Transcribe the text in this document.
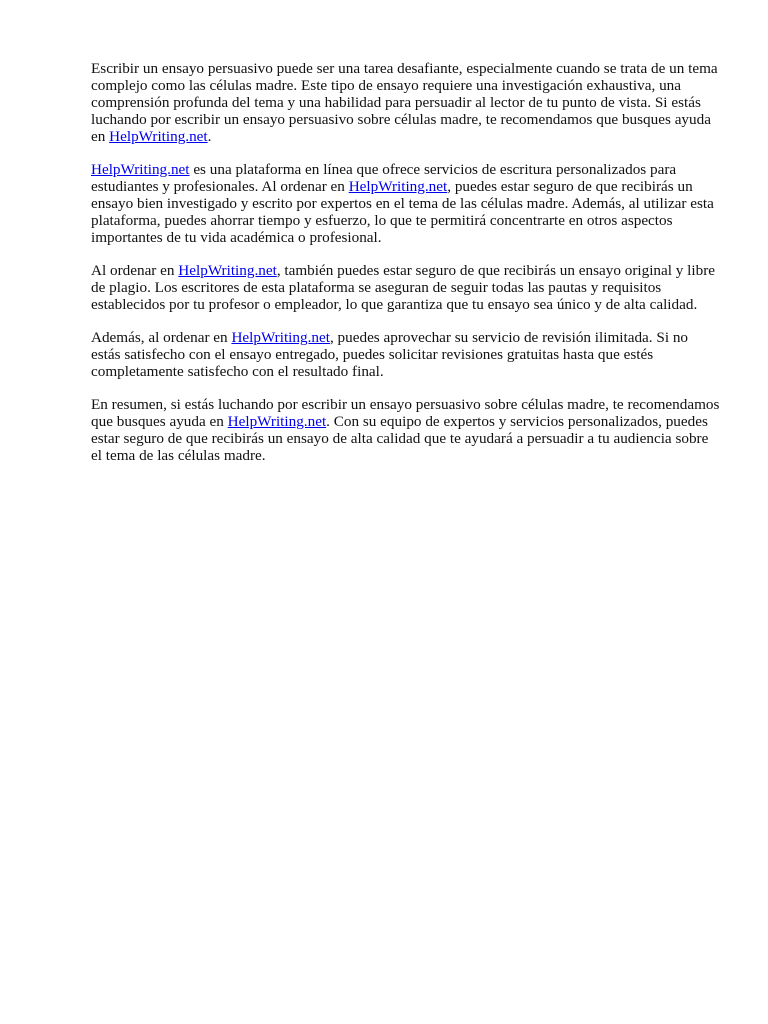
Escribir un ensayo persuasivo puede ser una tarea desafiante, especialmente cuando se trata de un tema complejo como las células madre. Este tipo de ensayo requiere una investigación exhaustiva, una comprensión profunda del tema y una habilidad para persuadir al lector de tu punto de vista. Si estás luchando por escribir un ensayo persuasivo sobre células madre, te recomendamos que busques ayuda en HelpWriting.net.

HelpWriting.net es una plataforma en línea que ofrece servicios de escritura personalizados para estudiantes y profesionales. Al ordenar en HelpWriting.net, puedes estar seguro de que recibirás un ensayo bien investigado y escrito por expertos en el tema de las células madre. Además, al utilizar esta plataforma, puedes ahorrar tiempo y esfuerzo, lo que te permitirá concentrarte en otros aspectos importantes de tu vida académica o profesional.

Al ordenar en HelpWriting.net, también puedes estar seguro de que recibirás un ensayo original y libre de plagio. Los escritores de esta plataforma se aseguran de seguir todas las pautas y requisitos establecidos por tu profesor o empleador, lo que garantiza que tu ensayo sea único y de alta calidad.

Además, al ordenar en HelpWriting.net, puedes aprovechar su servicio de revisión ilimitada. Si no estás satisfecho con el ensayo entregado, puedes solicitar revisiones gratuitas hasta que estés completamente satisfecho con el resultado final.

En resumen, si estás luchando por escribir un ensayo persuasivo sobre células madre, te recomendamos que busques ayuda en HelpWriting.net. Con su equipo de expertos y servicios personalizados, puedes estar seguro de que recibirás un ensayo de alta calidad que te ayudará a persuadir a tu audiencia sobre el tema de las células madre.
